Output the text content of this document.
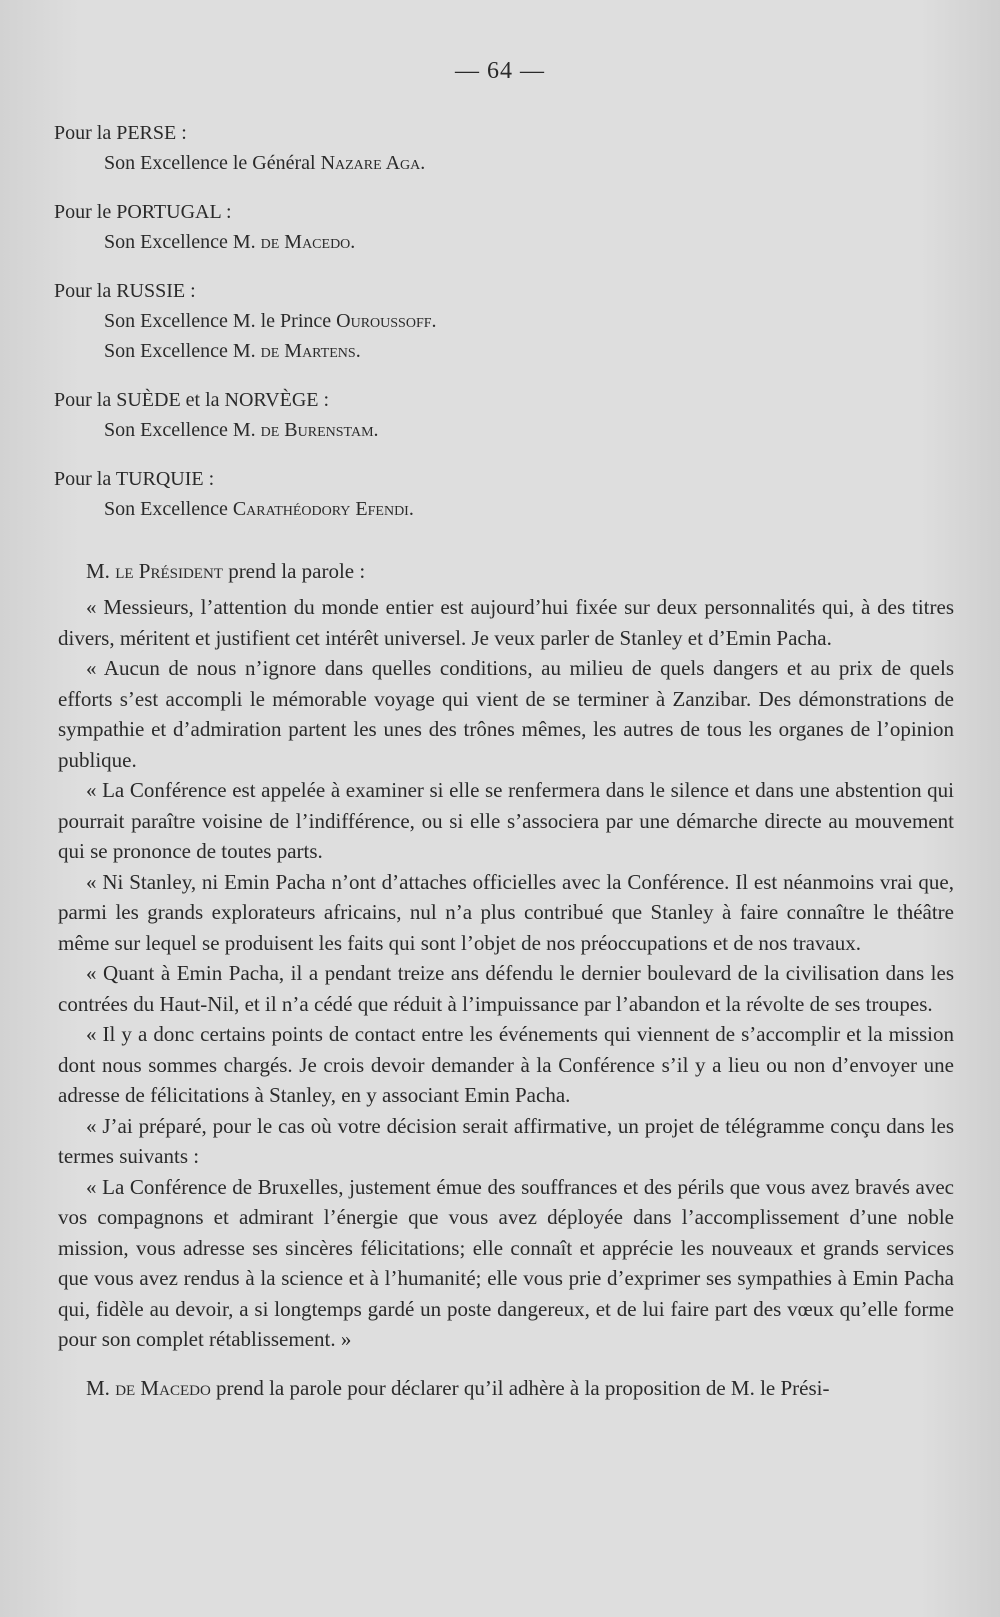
— 64 —
Pour la PERSE :
Son Excellence le Général Nazare Aga.
Pour le PORTUGAL :
Son Excellence M. de Macedo.
Pour la RUSSIE :
Son Excellence M. le Prince Ouroussoff.
Son Excellence M. de Martens.
Pour la SUÈDE et la NORVÈGE :
Son Excellence M. de Burenstam.
Pour la TURQUIE :
Son Excellence Carathéodory Efendi.
M. le Président prend la parole :

« Messieurs, l’attention du monde entier est aujourd’hui fixée sur deux personnalités qui, à des titres divers, méritent et justifient cet intérêt universel. Je veux parler de Stanley et d’Emin Pacha.

« Aucun de nous n’ignore dans quelles conditions, au milieu de quels dangers et au prix de quels efforts s’est accompli le mémorable voyage qui vient de se terminer à Zanzibar. Des démonstrations de sympathie et d’admiration partent les unes des trônes mêmes, les autres de tous les organes de l’opinion publique.

« La Conférence est appelée à examiner si elle se renfermera dans le silence et dans une abstention qui pourrait paraître voisine de l’indifférence, ou si elle s’associera par une démarche directe au mouvement qui se prononce de toutes parts.

« Ni Stanley, ni Emin Pacha n’ont d’attaches officielles avec la Conférence. Il est néanmoins vrai que, parmi les grands explorateurs africains, nul n’a plus contribué que Stanley à faire connaître le théâtre même sur lequel se produisent les faits qui sont l’objet de nos préoccupations et de nos travaux.

« Quant à Emin Pacha, il a pendant treize ans défendu le dernier boulevard de la civilisation dans les contrées du Haut-Nil, et il n’a cédé que réduit à l’impuissance par l’abandon et la révolte de ses troupes.

« Il y a donc certains points de contact entre les événements qui viennent de s’accomplir et la mission dont nous sommes chargés. Je crois devoir demander à la Conférence s’il y a lieu ou non d’envoyer une adresse de félicitations à Stanley, en y associant Emin Pacha.

« J’ai préparé, pour le cas où votre décision serait affirmative, un projet de télégramme conçu dans les termes suivants :

« La Conférence de Bruxelles, justement émue des souffrances et des périls que vous avez bravés avec vos compagnons et admirant l’énergie que vous avez déployée dans l’accomplissement d’une noble mission, vous adresse ses sincères félicitations; elle connaît et apprécie les nouveaux et grands services que vous avez rendus à la science et à l’humanité; elle vous prie d’exprimer ses sympathies à Emin Pacha qui, fidèle au devoir, a si longtemps gardé un poste dangereux, et de lui faire part des vœux qu’elle forme pour son complet rétablissement. »

M. de Macedo prend la parole pour déclarer qu’il adhère à la proposition de M. le Prési-
